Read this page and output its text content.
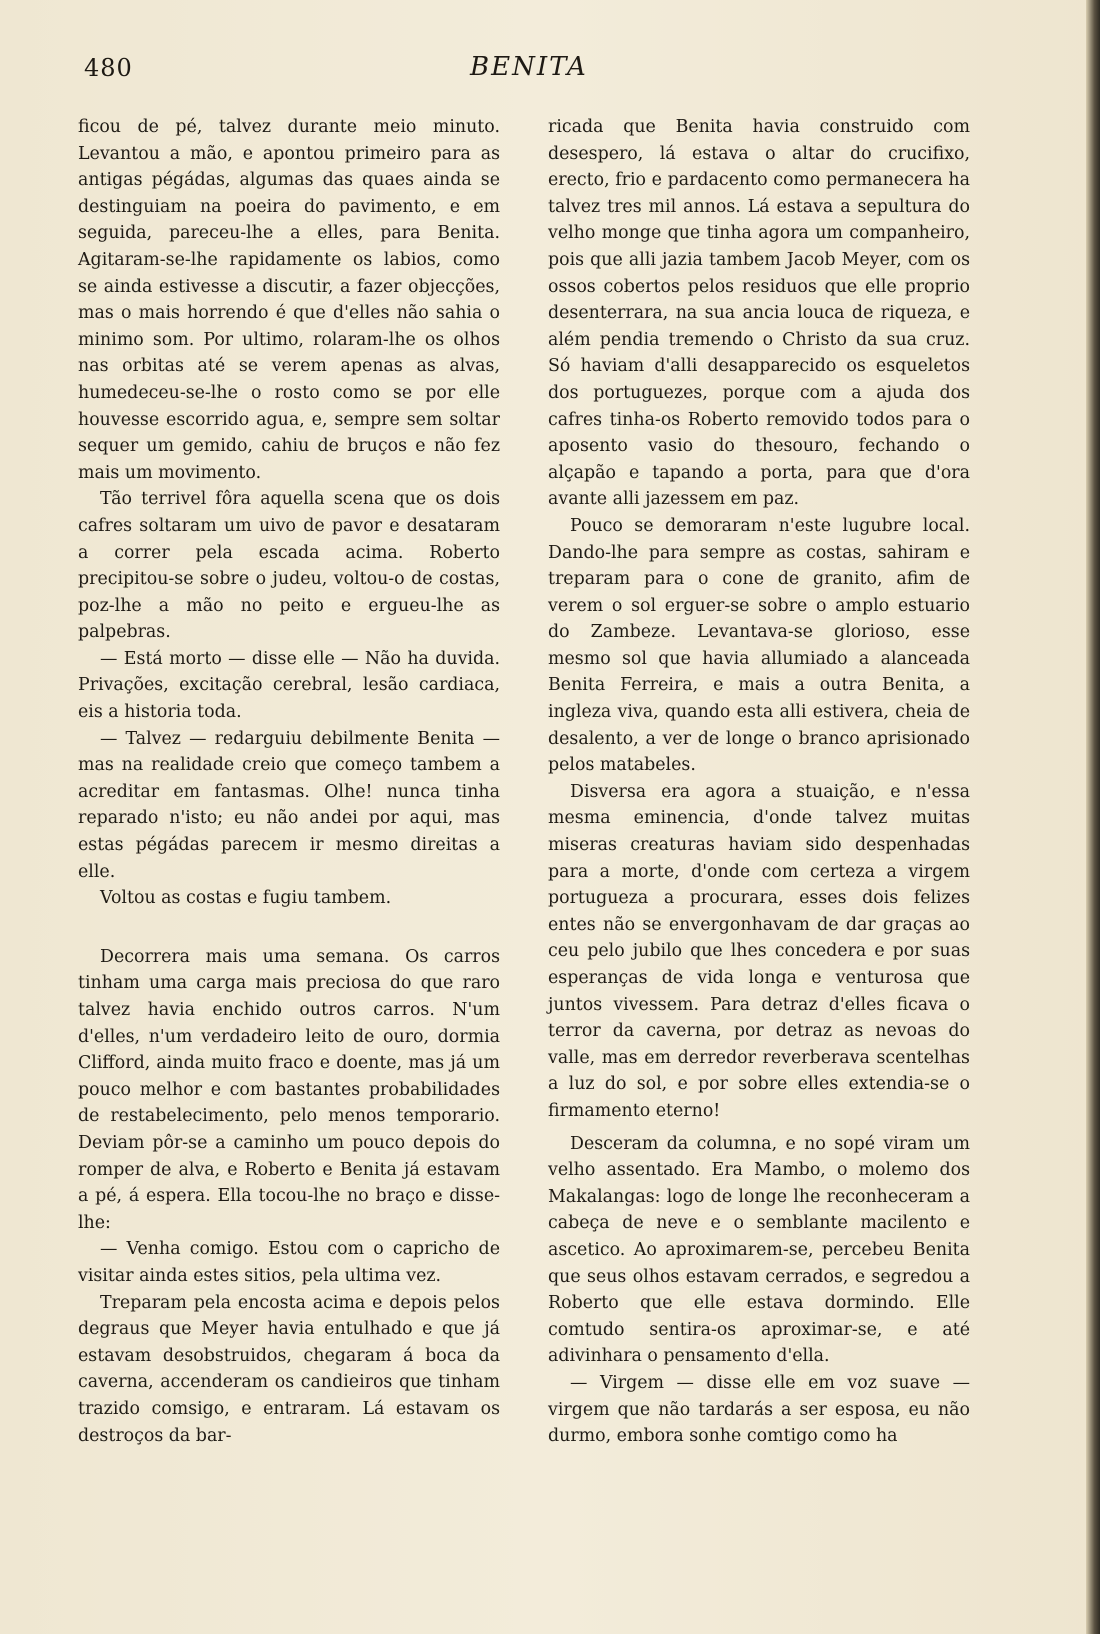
480	BENITA

ficou de pé, talvez durante meio minuto. Levantou a mão, e apontou primeiro para as antigas pégádas, algumas das quaes ainda se destinguiam na poeira do pavimento, e em seguida, pareceu-lhe a elles, para Benita. Agitaram-se-lhe rapidamente os labios, como se ainda estivesse a discutir, a fazer objecções, mas o mais horrendo é que d'elles não sahia o minimo som. Por ultimo, rolaram-lhe os olhos nas orbitas até se verem apenas as alvas, humedeceu-se-lhe o rosto como se por elle houvesse escorrido agua, e, sempre sem soltar sequer um gemido, cahiu de bruços e não fez mais um movimento.

Tão terrivel fôra aquella scena que os dois cafres soltaram um uivo de pavor e desataram a correr pela escada acima. Roberto precipitou-se sobre o judeu, voltou-o de costas, poz-lhe a mão no peito e ergueu-lhe as palpebras.

— Está morto — disse elle — Não ha duvida. Privações, excitação cerebral, lesão cardiaca, eis a historia toda.

— Talvez — redarguiu debilmente Benita — mas na realidade creio que começo tambem a acreditar em fantasmas. Olhe! nunca tinha reparado n'isto; eu não andei por aqui, mas estas pégádas parecem ir mesmo direitas a elle.

Voltou as costas e fugiu tambem.

Decorrera mais uma semana. Os carros tinham uma carga mais preciosa do que raro talvez havia enchido outros carros. N'um d'elles, n'um verdadeiro leito de ouro, dormia Clifford, ainda muito fraco e doente, mas já um pouco melhor e com bastantes probabilidades de restabelecimento, pelo menos temporario. Deviam pôr-se a caminho um pouco depois do romper de alva, e Roberto e Benita já estavam a pé, á espera. Ella tocou-lhe no braço e disse-lhe:

— Venha comigo. Estou com o capricho de visitar ainda estes sitios, pela ultima vez.

Treparam pela encosta acima e depois pelos degraus que Meyer havia entulhado e que já estavam desobstruidos, chegaram á boca da caverna, accenderam os candieiros que tinham trazido comsigo, e entraram. Lá estavam os destroços da bar-

ricada que Benita havia construido com desespero, lá estava o altar do crucifixo, erecto, frio e pardacento como permanecera ha talvez tres mil annos. Lá estava a sepultura do velho monge que tinha agora um companheiro, pois que alli jazia tambem Jacob Meyer, com os ossos cobertos pelos residuos que elle proprio desenterrara, na sua ancia louca de riqueza, e além pendia tremendo o Christo da sua cruz. Só haviam d'alli desapparecido os esqueletos dos portuguezes, porque com a ajuda dos cafres tinha-os Roberto removido todos para o aposento vasio do thesouro, fechando o alçapão e tapando a porta, para que d'ora avante alli jazessem em paz.

Pouco se demoraram n'este lugubre local. Dando-lhe para sempre as costas, sahiram e treparam para o cone de granito, afim de verem o sol erguer-se sobre o amplo estuario do Zambeze. Levantava-se glorioso, esse mesmo sol que havia allumiado a alanceada Benita Ferreira, e mais a outra Benita, a ingleza viva, quando esta alli estivera, cheia de desalento, a ver de longe o branco aprisionado pelos matabeles.

Disversa era agora a stuaição, e n'essa mesma eminencia, d'onde talvez muitas miseras creaturas haviam sido despenhadas para a morte, d'onde com certeza a virgem portugueza a procurara, esses dois felizes entes não se envergonhavam de dar graças ao ceu pelo jubilo que lhes concedera e por suas esperanças de vida longa e venturosa que juntos vivessem. Para detraz d'elles ficava o terror da caverna, por detraz as nevoas do valle, mas em derredor reverberava scentelhas a luz do sol, e por sobre elles extendia-se o firmamento eterno!

Desceram da columna, e no sopé viram um velho assentado. Era Mambo, o molemo dos Makalangas: logo de longe lhe reconheceram a cabeça de neve e o semblante macilento e ascetico. Ao aproximarem-se, percebeu Benita que seus olhos estavam cerrados, e segredou a Roberto que elle estava dormindo. Elle comtudo sentira-os aproximar-se, e até adivinhara o pensamento d'ella.

— Virgem — disse elle em voz suave — virgem que não tardarás a ser esposa, eu não durmo, embora sonhe comtigo como ha
